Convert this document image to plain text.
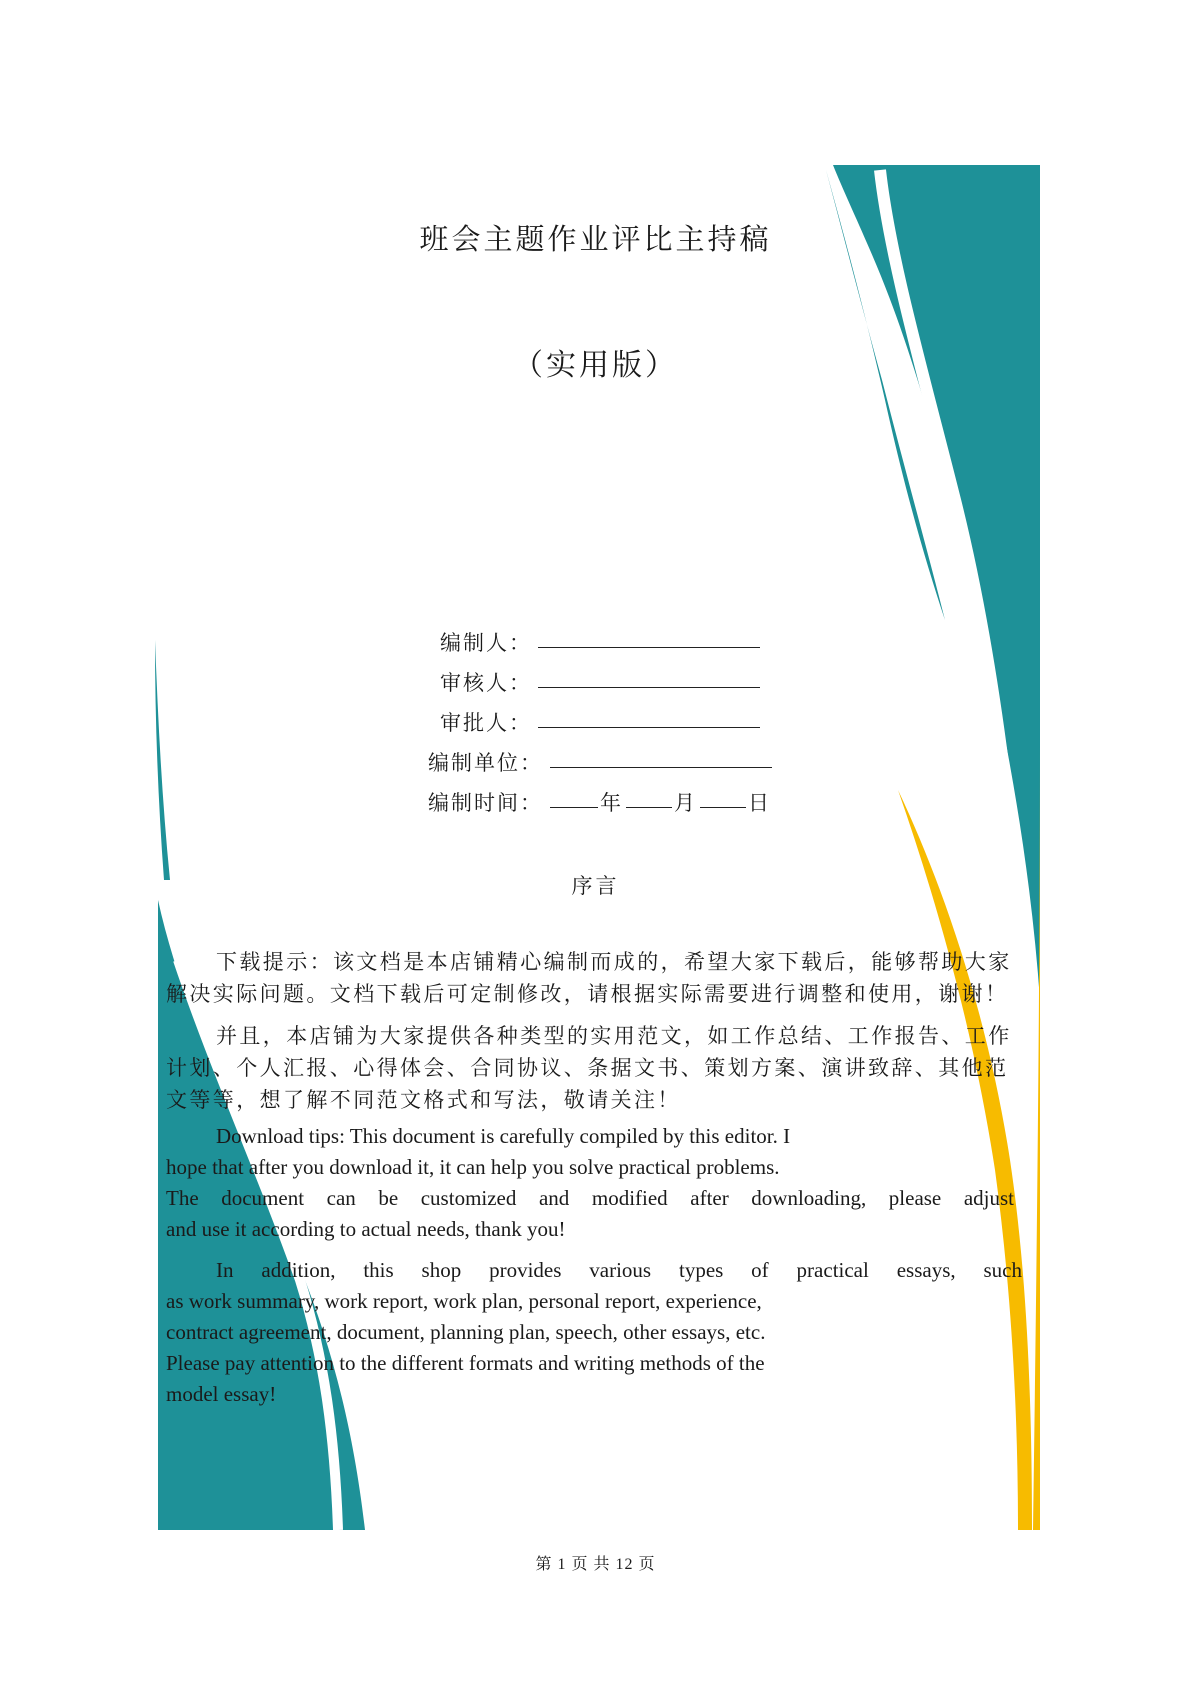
班会主题作业评比主持稿
（实用版）
编制人：
审核人：
审批人：
编制单位：
编制时间：	年 月 日
序言
下载提示：该文档是本店铺精心编制而成的，希望大家下载后，能够帮助大家
解决实际问题。文档下载后可定制修改，请根据实际需要进行调整和使用，谢谢！
并且，本店铺为大家提供各种类型的实用范文，如工作总结、工作报告、工作
计划、个人汇报、心得体会、合同协议、条据文书、策划方案、演讲致辞、其他范
文等等，想了解不同范文格式和写法，敬请关注！
Download tips: This document is carefully compiled by this editor. I
hope that after you download it, it can help you solve practical problems.
The document can be customized and modified after downloading, please adjust
and use it according to actual needs, thank you!
In addition, this shop provides various types of practical essays, such
as work summary, work report, work plan, personal report, experience,
contract agreement, document, planning plan, speech, other essays, etc.
Please pay attention to the different formats and writing methods of the
model essay!
第 1 页 共 12 页
